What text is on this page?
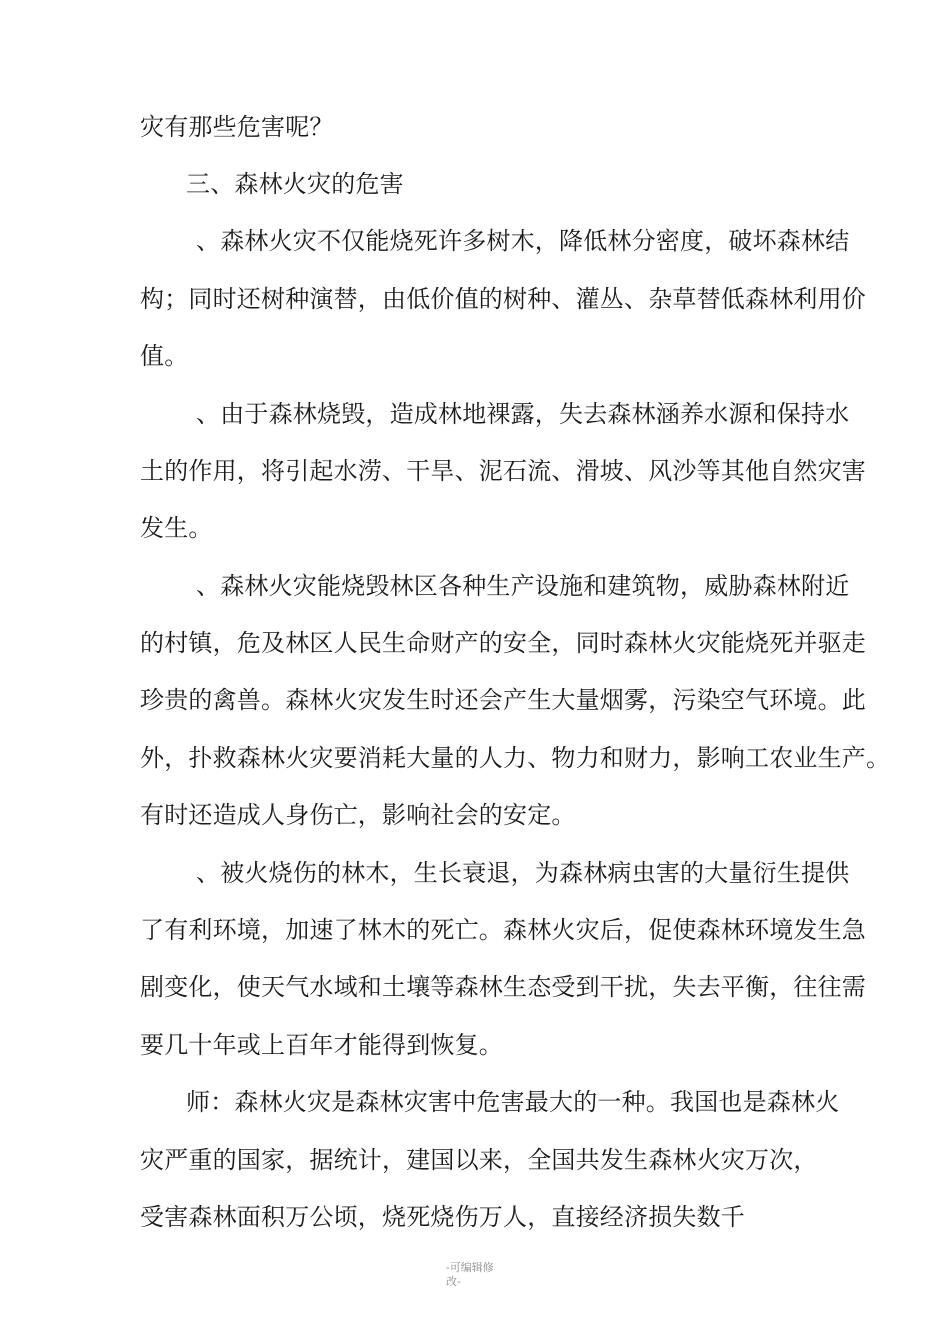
灾有那些危害呢？
三、森林火灾的危害
、森林火灾不仅能烧死许多树木，降低林分密度，破坏森林结
构；同时还树种演替，由低价值的树种、灌丛、杂草替低森林利用价
值。
、由于森林烧毁，造成林地裸露，失去森林涵养水源和保持水
土的作用，将引起水涝、干旱、泥石流、滑坡、风沙等其他自然灾害
发生。
、森林火灾能烧毁林区各种生产设施和建筑物，威胁森林附近
的村镇，危及林区人民生命财产的安全，同时森林火灾能烧死并驱走
珍贵的禽兽。森林火灾发生时还会产生大量烟雾，污染空气环境。此
外，扑救森林火灾要消耗大量的人力、物力和财力，影响工农业生产。
有时还造成人身伤亡，影响社会的安定。
、被火烧伤的林木，生长衰退，为森林病虫害的大量衍生提供
了有利环境，加速了林木的死亡。森林火灾后，促使森林环境发生急
剧变化，使天气水域和土壤等森林生态受到干扰，失去平衡，往往需
要几十年或上百年才能得到恢复。
师：森林火灾是森林灾害中危害最大的一种。我国也是森林火
灾严重的国家，据统计，建国以来，全国共发生森林火灾万次，
受害森林面积万公顷，烧死烧伤万人，直接经济损失数千
-可编辑修
改-
